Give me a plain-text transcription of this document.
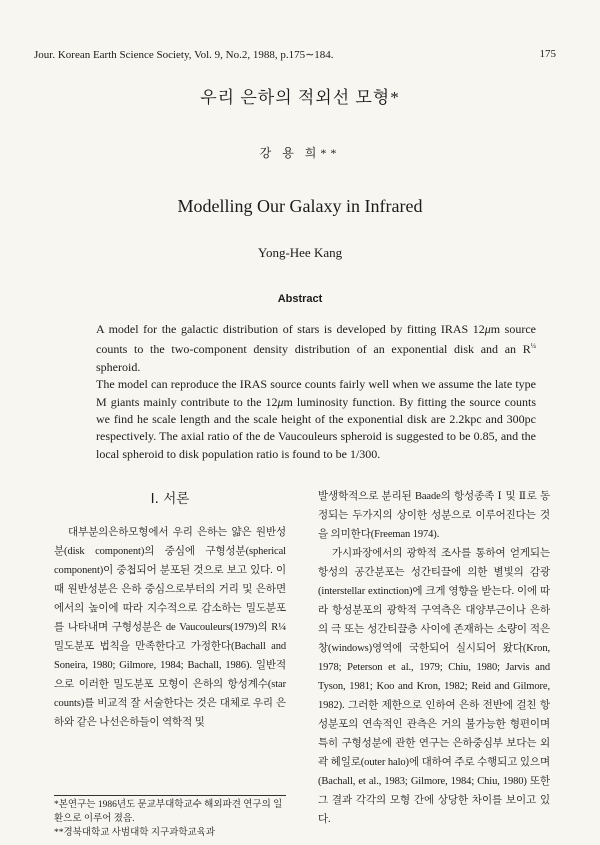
Jour. Korean Earth Science Society, Vol. 9, No.2, 1988, p.175∼184.	175
우리 은하의 적외선 모형*
강 용 희**
Modelling Our Galaxy in Infrared
Yong-Hee Kang
Abstract

A model for the galactic distribution of stars is developed by fitting IRAS 12μm source counts to the two-component density distribution of an exponential disk and an $R^{\frac{1}{4}}$ spheroid.

The model can reproduce the IRAS source counts fairly well when we assume the late type M giants mainly contribute to the 12μm luminosity function. By fitting the source counts we find he scale length and the scale height of the exponential disk are 2.2kpc and 300pc respectively. The axial ratio of the de Vaucouleurs spheroid is suggested to be 0.85, and the local spheroid to disk population ratio is found to be 1/300.

I. 서론

대부분의은하모형에서 우리 은하는 얇은 원반성분(disk component)의 중심에 구형성분(spherical component)이 중첩되어 분포된 것으로 보고 있다. 이때 원반성분은 은하 중심으로부터의 거리 및 은하면에서의 높이에 따라 지수적으로 감소하는 밀도분포를 나타내며 구형성분은 de Vaucouleurs(1979)의 R¼ 밀도분포 법칙을 만족한다고 가정한다(Bachall and Soneira, 1980; Gilmore, 1984; Bachall, 1986). 일반적으로 이러한 밀도분포 모형이 은하의 항성계수(star counts)를 비교적 잘 서술한다는 것은 대체로 우리 은하와 같은 나선은하들이 역학적 및

발생학적으로 분리된 Baade의 항성종족 Ⅰ 및 Ⅱ로 동정되는 두가지의 상이한 성분으로 이루어진다는 것을 의미한다(Freeman 1974).

가시파장에서의 광학적 조사를 통하여 얻게되는 항성의 공간분포는 성간티끌에 의한 별빛의 감광(interstellar extinction)에 크게 영향을 받는다. 이에 따라 항성분포의 광학적 구역측은 대양부근이나 은하의 극 또는 성간티끌층 사이에 존재하는 소량이 적은 창(windows)영역에 국한되어 실시되어 왔다(Kron, 1978; Peterson et al., 1979; Chiu, 1980; Jarvis and Tyson, 1981; Koo and Kron, 1982; Reid and Gilmore, 1982). 그러한 제한으로 인하여 은하 전반에 걸친 항성분포의 연속적인 관측은 거의 불가능한 형편이며 특히 구형성분에 관한 연구는 은하중심부 보다는 외곽 헤일로(outer halo)에 대하여 주로 수행되고 있으며(Bachall, et al., 1983; Gilmore, 1984; Chiu, 1980) 또한 그 결과 각각의 모형 간에 상당한 차이를 보이고 있다.

*본연구는 1986년도 문교부대학교수 해외파견 연구의 일환으로 이루어 졌음.

**경북대학교 사범대학 지구과학교육과
